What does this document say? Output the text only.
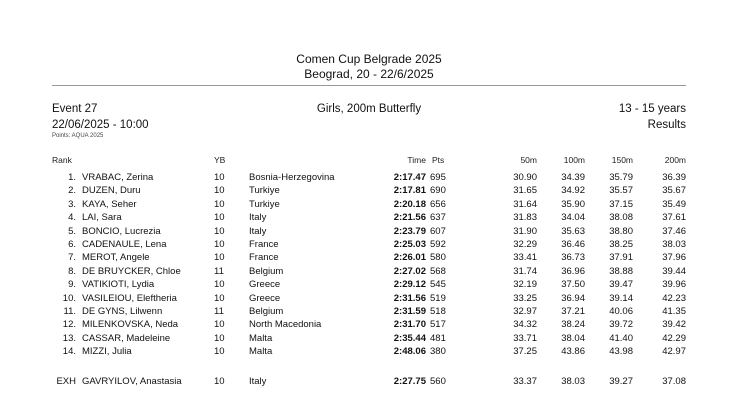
Comen Cup Belgrade 2025
Beograd, 20 - 22/6/2025
Event 27	Girls, 200m Butterfly	13 - 15 years
22/06/2025 - 10:00	Results
Points: AQUA 2025
Rank	YB	Time Pts	50m	100m	150m	200m
1. VRABAC, Zerina	10	Bosnia-Herzegovina	2:17.47 695	30.90	34.39	35.79	36.39
2. DUZEN, Duru	10	Turkiye	2:17.81 690	31.65	34.92	35.57	35.67
3. KAYA, Seher	10	Turkiye	2:20.18 656	31.64	35.90	37.15	35.49
4. LAI, Sara	10	Italy	2:21.56 637	31.83	34.04	38.08	37.61
5. BONCIO, Lucrezia	10	Italy	2:23.79 607	31.90	35.63	38.80	37.46
6. CADENAULE, Lena	10	France	2:25.03 592	32.29	36.46	38.25	38.03
7. MEROT, Angele	10	France	2:26.01 580	33.41	36.73	37.91	37.96
8. DE BRUYCKER, Chloe	11	Belgium	2:27.02 568	31.74	36.96	38.88	39.44
9. VATIKIOTI, Lydia	10	Greece	2:29.12 545	32.19	37.50	39.47	39.96
10. VASILEIOU, Eleftheria	10	Greece	2:31.56 519	33.25	36.94	39.14	42.23
11. DE GYNS, Lilwenn	11	Belgium	2:31.59 518	32.97	37.21	40.06	41.35
12. MILENKOVSKA, Neda	10	North Macedonia	2:31.70 517	34.32	38.24	39.72	39.42
13. CASSAR, Madeleine	10	Malta	2:35.44 481	33.71	38.04	41.40	42.29
14. MIZZI, Julia	10	Malta	2:48.06 380	37.25	43.86	43.98	42.97
EXH GAVRYILOV, Anastasia	10	Italy	2:27.75 560	33.37	38.03	39.27	37.08
